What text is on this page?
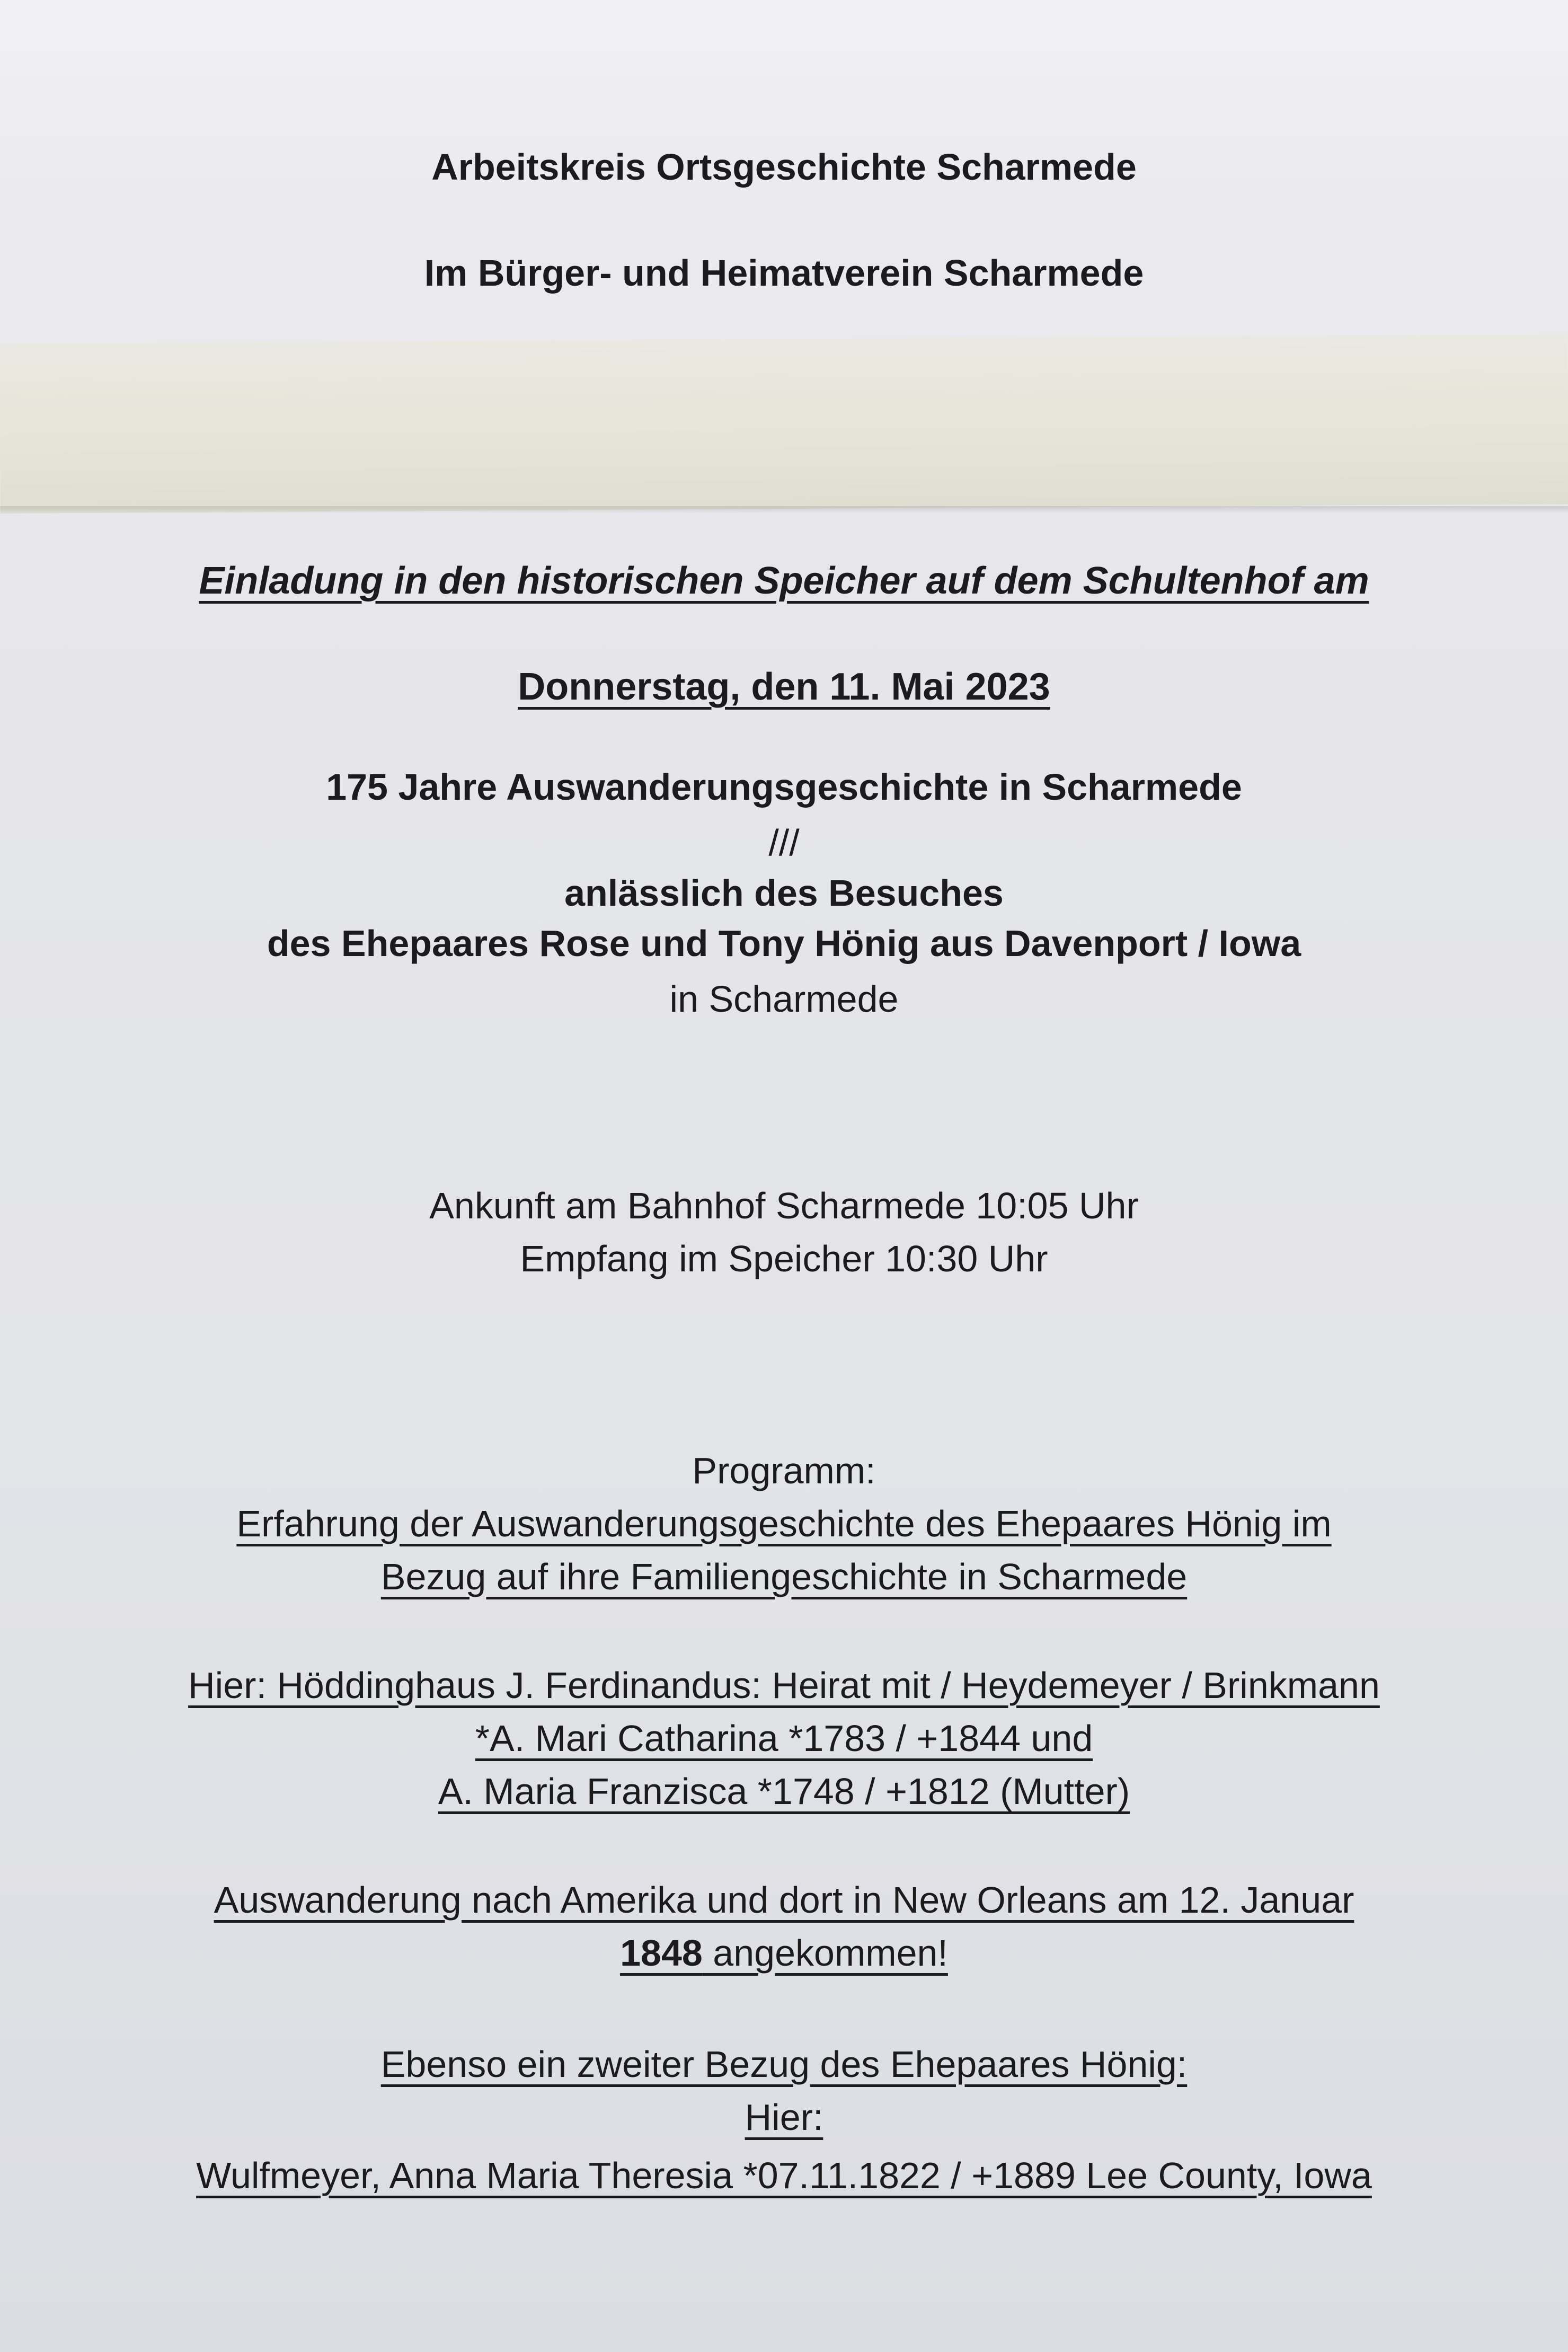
Arbeitskreis Ortsgeschichte Scharmede
Im Bürger- und Heimatverein Scharmede
Einladung in den historischen Speicher auf dem Schultenhof am
Donnerstag, den 11. Mai 2023
175 Jahre Auswanderungsgeschichte in Scharmede
///
anlässlich des Besuches
des Ehepaares Rose und Tony Hönig aus Davenport / Iowa
in Scharmede
Ankunft am Bahnhof Scharmede 10:05 Uhr
Empfang im Speicher 10:30 Uhr
Programm:
Erfahrung der Auswanderungsgeschichte des Ehepaares Hönig im
Bezug auf ihre Familiengeschichte in Scharmede
Hier: Höddinghaus J. Ferdinandus: Heirat mit / Heydemeyer / Brinkmann
*A. Mari Catharina *1783 / +1844 und
A. Maria Franzisca *1748 / +1812 (Mutter)
Auswanderung nach Amerika und dort in New Orleans am 12. Januar
1848 angekommen!
Ebenso ein zweiter Bezug des Ehepaares Hönig:
Hier:
Wulfmeyer, Anna Maria Theresia *07.11.1822 / +1889 Lee County, Iowa
